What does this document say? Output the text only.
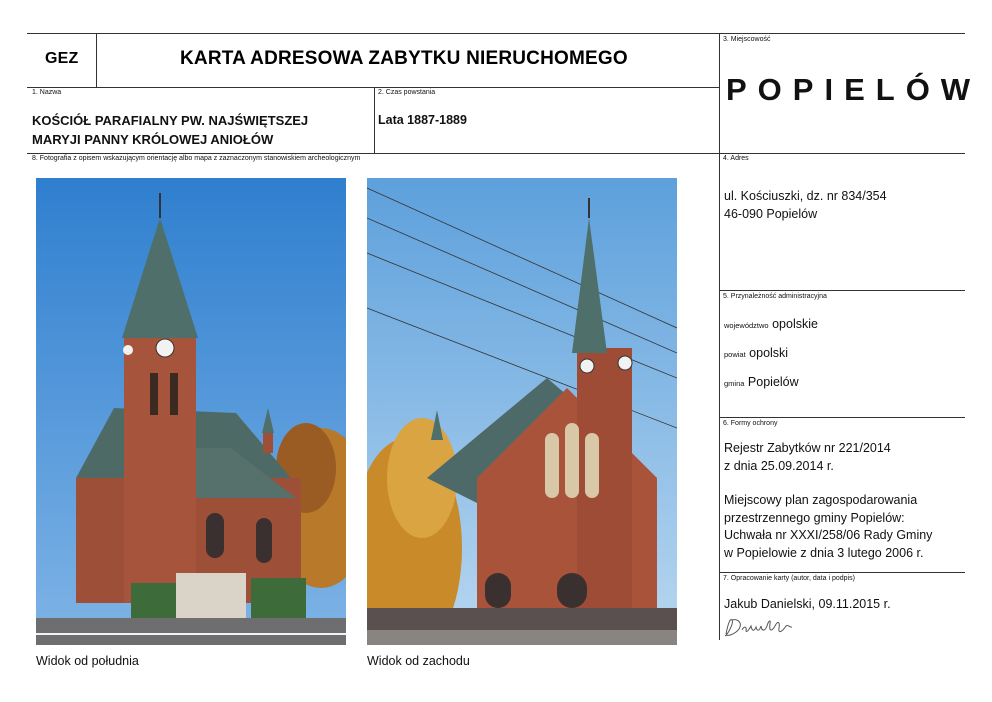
GEZ	KARTA ADRESOWA ZABYTKU NIERUCHOMEGO
1. Nazwa
KOŚCIÓŁ PARAFIALNY PW. NAJŚWIĘTSZEJ
MARYJI PANNY KRÓLOWEJ ANIOŁÓW
2. Czas powstania
Lata 1887-1889
3. Miejscowość
POPIELÓW
8. Fotografia z opisem wskazującym orientację albo mapa z zaznaczonym stanowiskiem archeologicznym	4. Adres
ul. Kościuszki, dz. nr 834/354
46-090 Popielów
5. Przynależność administracyjna
województwo opolskie
powiat opolski
gmina Popielów
6. Formy ochrony
Rejestr Zabytków nr 221/2014
z dnia 25.09.2014 r.
Miejscowy plan zagospodarowania
przestrzennego gminy Popielów:
Uchwała nr XXXI/258/06 Rady Gminy
w Popielowie z dnia 3 lutego 2006 r.
7. Opracowanie karty (autor, data i podpis)
Jakub Danielski, 09.11.2015 r.
Widok od południa	Widok od zachodu
